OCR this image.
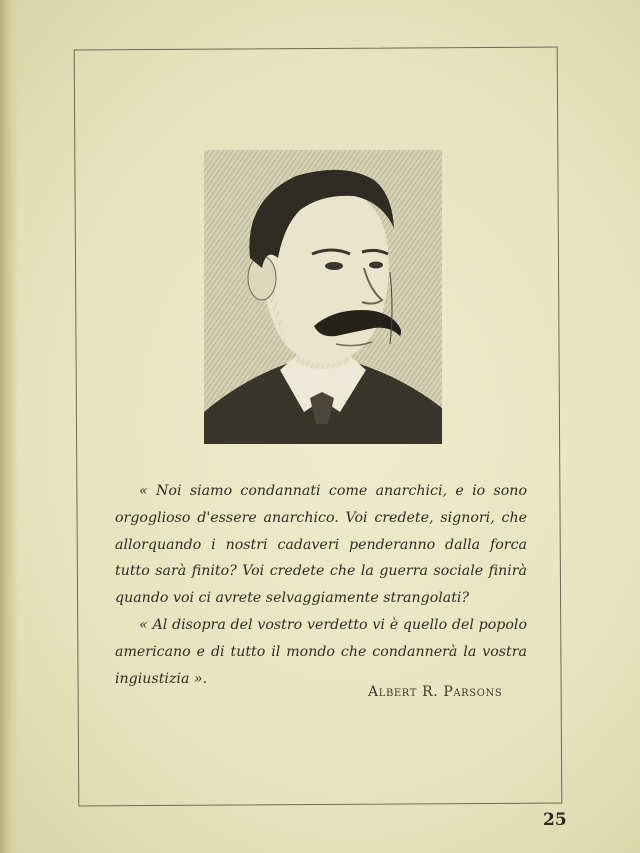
« Noi siamo condannati come anarchici, e io sono orgoglioso d'essere anarchico. Voi credete, signori, che allorquando i nostri cadaveri penderanno dalla forca tutto sarà finito? Voi credete che la guerra sociale finirà quando voi ci avrete selvaggiamente strangolati?

« Al disopra del vostro verdetto vi è quello del popolo americano e di tutto il mondo che condannerà la vostra ingiustizia ».

Albert R. Parsons
25
